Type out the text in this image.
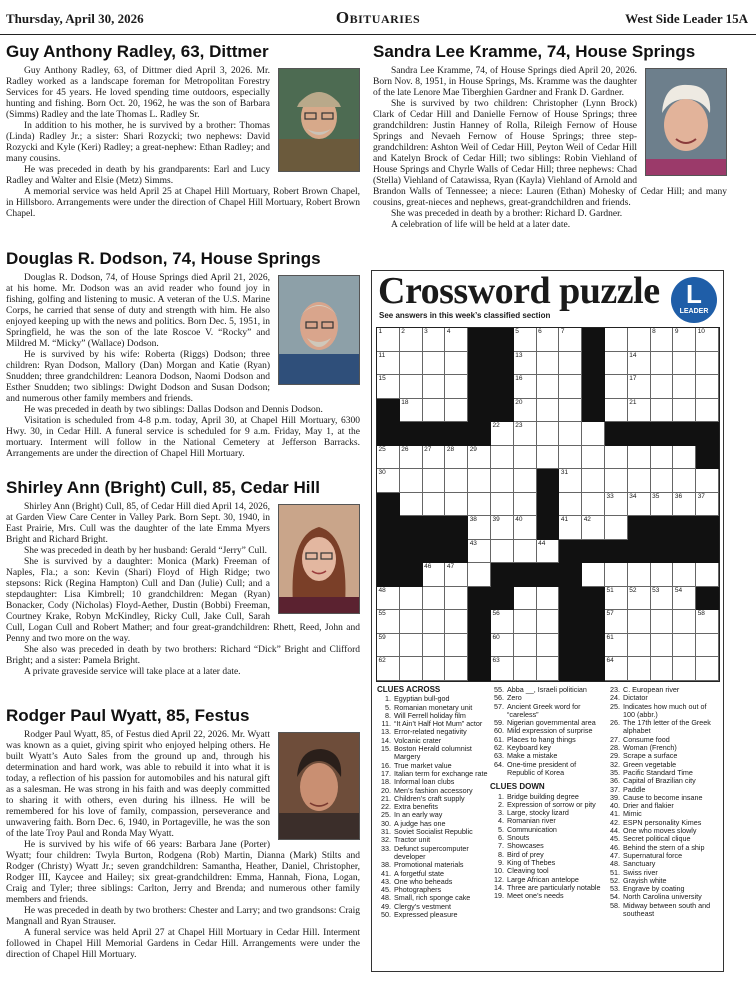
Thursday, April 30, 2026	Obituaries	West Side Leader 15A
Guy Anthony Radley, 63, Dittmer

Guy Anthony Radley, 63, of Dittmer died April 3, 2026. Mr. Radley worked as a landscape foreman for Metropolitan Forestry Services for 45 years. He loved spending time outdoors, especially hunting and fishing. Born Oct. 20, 1962, he was the son of Barbara (Simms) Radley and the late Thomas L. Radley Sr.

In addition to his mother, he is survived by a brother: Thomas (Linda) Radley Jr.; a sister: Shari Rozycki; two nephews: David Rozycki and Kyle (Keri) Radley; a great-nephew: Ethan Radley; and many cousins.

He was preceded in death by his grandparents: Earl and Lucy Radley and Walter and Elsie (Metz) Simms.

A memorial service was held April 25 at Chapel Hill Mortuary, Robert Brown Chapel, in Hillsboro. Arrangements were under the direction of Chapel Hill Mortuary, Robert Brown Chapel.

Sandra Lee Kramme, 74, House Springs

Sandra Lee Kramme, 74, of House Springs died April 20, 2026. Born Nov. 8, 1951, in House Springs, Ms. Kramme was the daughter of the late Lenore Mae Tiberghien Gardner and Frank D. Gardner.

She is survived by two children: Christopher (Lynn Brock) Clark of Cedar Hill and Danielle Fernow of House Springs; three grandchildren: Justin Hanney of Rolla, Rileigh Fernow of House Springs and Nevaeh Fernow of House Springs; three step-grandchildren: Ashton Weil of Cedar Hill, Peyton Weil of Cedar Hill and Katelyn Brock of Cedar Hill; two siblings: Robin Viehland of House Springs and Chyrle Walls of Cedar Hill; three nephews: Chad (Stella) Viehland of Catawissa, Ryan (Kayla) Viehland of Arnold and Brandon Walls of Tennessee; a niece: Lauren (Ethan) Mohesky of Cedar Hill; and many cousins, great-nieces and nephews, great-grandchildren and friends.

She was preceded in death by a brother: Richard D. Gardner.

A celebration of life will be held at a later date.

Douglas R. Dodson, 74, House Springs

Douglas R. Dodson, 74, of House Springs died April 21, 2026, at his home. Mr. Dodson was an avid reader who found joy in fishing, golfing and listening to music. A veteran of the U.S. Marine Corps, he carried that sense of duty and strength with him. He also enjoyed keeping up with the news and politics. Born Dec. 5, 1951, in Springfield, he was the son of the late Roscoe V. “Rocky” and Mildred M. “Micky” (Wallace) Dodson.

He is survived by his wife: Roberta (Riggs) Dodson; three children: Ryan Dodson, Mallory (Dan) Morgan and Katie (Ryan) Snudden; three grandchildren: Leanora Dodson, Naomi Dodson and Esther Snudden; two siblings: Dwight Dodson and Susan Dodson; and numerous other family members and friends.

He was preceded in death by two siblings: Dallas Dodson and Dennis Dodson.

Visitation is scheduled from 4-8 p.m. today, April 30, at Chapel Hill Mortuary, 6300 Hwy. 30, in Cedar Hill. A funeral service is scheduled for 9 a.m. Friday, May 1, at the mortuary. Interment will follow in the National Cemetery at Jefferson Barracks. Arrangements are under the direction of Chapel Hill Mortuary.

Shirley Ann (Bright) Cull, 85, Cedar Hill

Shirley Ann (Bright) Cull, 85, of Cedar Hill died April 14, 2026, at Garden View Care Center in Valley Park. Born Sept. 30, 1940, in East Prairie, Mrs. Cull was the daughter of the late Emma Myers Bright and Richard Bright.

She was preceded in death by her husband: Gerald “Jerry” Cull.

She is survived by a daughter: Monica (Mark) Freeman of Naples, Fla.; a son: Kevin (Shari) Floyd of High Ridge; two stepsons: Rick (Regina Hampton) Cull and Dan (Julie) Cull; and a stepdaughter: Lisa Kimbrell; 10 grandchildren: Megan (Ryan) Bonacker, Cody (Nicholas) Floyd-Aether, Dustin (Bobbi) Freeman, Courtney Krake, Robyn McKindley, Ricky Cull, Jake Cull, Sarah Cull, Logan Cull and Robert Mather; and four great-grandchildren: Rhett, Reed, John and Penny and two more on the way.

She also was preceded in death by two brothers: Richard “Dick” Bright and Clifford Bright; and a sister: Pamela Bright.

A private graveside service will take place at a later date.

Rodger Paul Wyatt, 85, Festus

Rodger Paul Wyatt, 85, of Festus died April 22, 2026. Mr. Wyatt was known as a quiet, giving spirit who enjoyed helping others. He built Wyatt’s Auto Sales from the ground up and, through his determination and hard work, was able to rebuild it into what it is today, a reflection of his passion for automobiles and his natural gift as a salesman. He was strong in his faith and was deeply committed to sharing it with others, even during his illness. He will be remembered for his love of family, compassion, perseverance and unwavering faith. Born Dec. 6, 1940, in Portageville, he was the son of the late Troy Paul and Ronda May Wyatt.

He is survived by his wife of 66 years: Barbara Jane (Porter) Wyatt; four children: Twyla Burton, Rodgena (Rob) Martin, Dianna (Mark) Stilts and Rodger (Christy) Wyatt Jr.; seven grandchildren: Samantha, Heather, Daniel, Christopher, Rodger III, Kaycee and Hailey; six great-grandchildren: Emma, Hannah, Fiona, Logan, Craig and Tyler; three siblings: Carlton, Jerry and Brenda; and numerous other family members and friends.

He was preceded in death by two brothers: Chester and Larry; and two grandsons: Craig Mangnall and Ryan Strauser.

A funeral service was held April 27 at Chapel Hill Mortuary in Cedar Hill. Interment followed in Chapel Hill Memorial Gardens in Cedar Hill. Arrangements were under the direction of Chapel Hill Mortuary.

Crossword puzzle
See answers in this week’s classified section
L
LEADER
1	2	3	4	5	6	7	8	9	10
11	13	14
15	16	17
18	20	21
22 23
25 26 27 28 29
30	31
33 34 35 36 37
38 39 40	41 42
43	44
46 47
48	51 52 53 54
55	56	57	58
59	60	61
62	63	64
CLUES ACROSS
1. Egyptian bull-god
5. Romanian monetary unit
8. Will Ferrell holiday film
11. “It Ain’t Half Hot Mum” actor
13. Error-related negativity
14. Volcanic crater
15. Boston Herald columnist Margery
16. True market value
17. Italian term for exchange rate
18. Informal loan clubs
20. Men’s fashion accessory
21. Children’s craft supply
22. Extra benefits
25. In an early way
30. A judge has one
31. Soviet Socialist Republic
32. Tractor unit
33. Defunct supercomputer developer
38. Promotional materials
41. A forgetful state
43. One who beheads
45. Photographers
48. Small, rich sponge cake
49. Clergy’s vestment
50. Expressed pleasure
55. Abba __, Israeli politician
56. Zero
57. Ancient Greek word for “careless”
59. Nigerian governmental area
60. Mild expression of surprise
61. Places to hang things
62. Keyboard key
63. Make a mistake
64. One-time president of Republic of Korea
CLUES DOWN
1. Bridge building degree
2. Expression of sorrow or pity
3. Large, stocky lizard
4. Romanian river
5. Communication
6. Snouts
7. Showcases
8. Bird of prey
9. King of Thebes
10. Cleaving tool
12. Large African antelope
14. Three are particularly notable
19. Meet one’s needs
23. C. European river
24. Dictator
25. Indicates how much out of 100 (abbr.)
26. The 17th letter of the Greek alphabet
27. Consume food
28. Woman (French)
29. Scrape a surface
32. Green vegetable
35. Pacific Standard Time
36. Capital of Brazilian city
37. Paddle
39. Cause to become insane
40. Drier and flakier
41. Mimic
42. ESPN personality Kimes
44. One who moves slowly
45. Secret political clique
46. Behind the stern of a ship
47. Supernatural force
48. Sanctuary
51. Swiss river
52. Grayish white
53. Engrave by coating
54. North Carolina university
58. Midway between south and southeast
